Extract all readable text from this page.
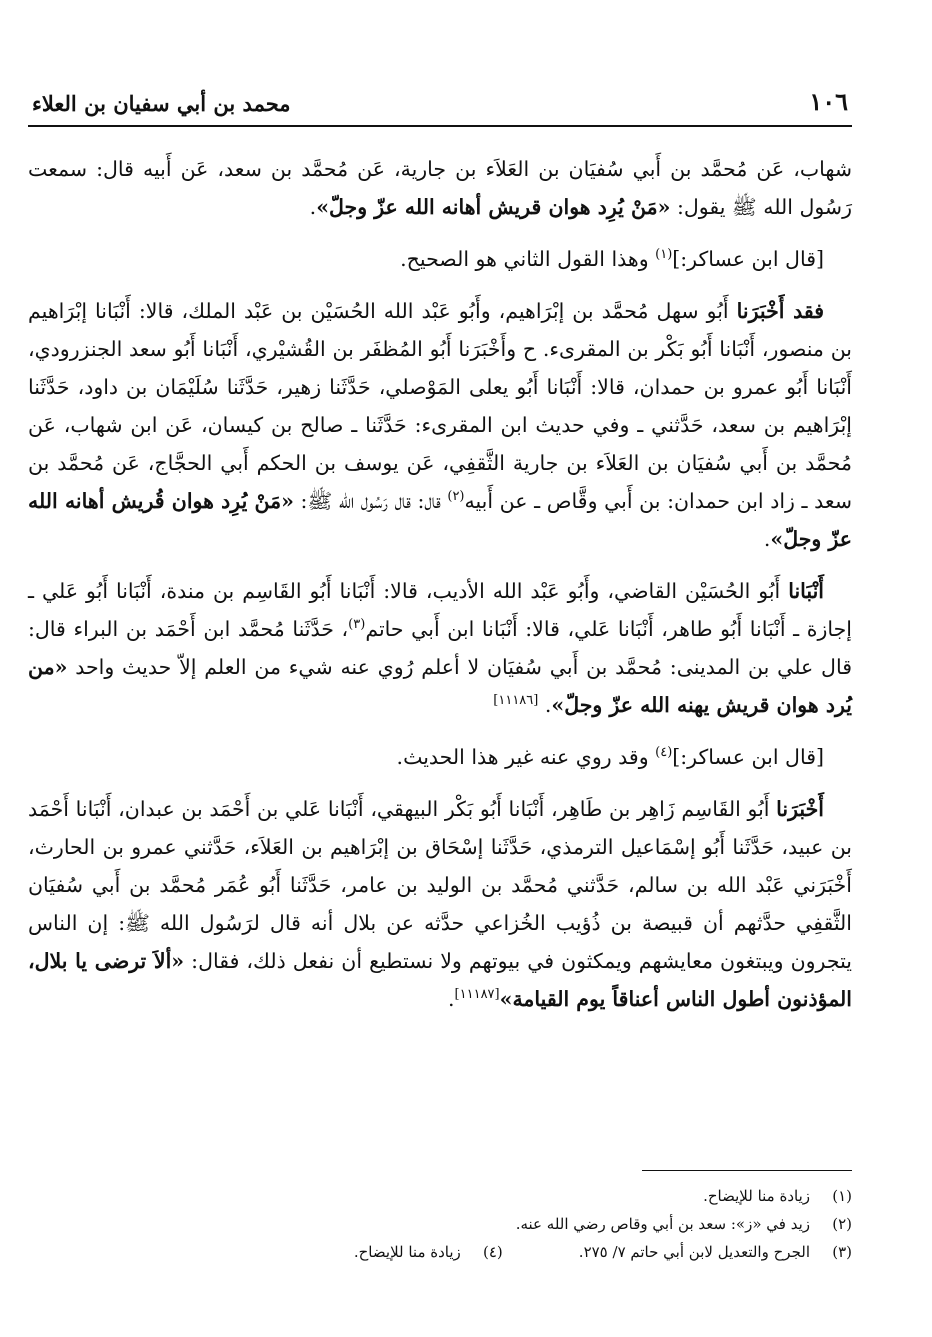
١٠٦
محمد بن أبي سفيان بن العلاء

شهاب، عَن مُحمَّد بن أَبي سُفيَان بن العَلاَء بن جارية، عَن مُحمَّد بن سعد، عَن أَبيه قال: سمعت رَسُول الله ﷺ يقول: «مَنْ يُرِد هوان قريش أهانه الله عزّ وجلّ».

[قال ابن عساكر:]$^{(١)}$ وهذا القول الثاني هو الصحيح.

فقد أَخْبَرَنا أَبُو سهل مُحمَّد بن إبْرَاهيم، وأَبُو عَبْد الله الحُسَيْن بن عَبْد الملك، قالا: أَنْبَانا إبْرَاهيم بن منصور، أَنْبَانا أَبُو بَكْر بن المقرىء. ح وأَخْبَرَنا أَبُو المُظفَر بن القُشيْري، أَنْبَانا أَبُو سعد الجنزرودي، أَنْبَانا أَبُو عمرو بن حمدان، قالا: أَنْبَانا أَبُو يعلى المَوْصلي، حَدَّثَنا زهير، حَدَّثَنا سُلَيْمَان بن داود، حَدَّثَنا إبْرَاهيم بن سعد، حَدَّثني ـ وفي حديث ابن المقرىء: حَدَّثَنا ـ صالح بن كيسان، عَن ابن شهاب، عَن مُحمَّد بن أَبي سُفيَان بن العَلاَء بن جارية الثَّقفِي، عَن يوسف بن الحكم أَبي الحجَّاج، عَن مُحمَّد بن سعد ـ زاد ابن حمدان: بن أَبي وقَّاص ـ عن أَبيه$^{(٢)}$ قال: قال رَسُول الله ﷺ: «مَنْ يُرِد هوان قُريش أهانه الله عزّ وجلّ».

أَنْبَانا أَبُو الحُسَيْن القاضي، وأَبُو عَبْد الله الأديب، قالا: أَنْبَانا أَبُو القَاسِم بن مندة، أَنْبَانا أَبُو عَلي ـ إجازة ـ أَنْبَانا أَبُو طاهر، أَنْبَانا عَلي، قالا: أَنْبَانا ابن أَبي حاتم$^{(٣)}$، حَدَّثَنا مُحمَّد ابن أَحْمَد بن البراء قال: قال علي بن المدينى: مُحمَّد بن أَبي سُفيَان لا أعلم رُوي عنه شيء من العلم إلاّ حديث واحد «من يُرد هوان قريش يهنه الله عزّ وجلّ». [١١١٨٦]

[قال ابن عساكر:]$^{(٤)}$ وقد روي عنه غير هذا الحديث.

أَخْبَرَنا أَبُو القَاسِم زَاهِر بن طَاهِر، أَنْبَانا أَبُو بَكْر البيهقي، أَنْبَانا عَلي بن أَحْمَد بن عبدان، أَنْبَانا أَحْمَد بن عبيد، حَدَّثَنا أَبُو إسْمَاعيل الترمذي، حَدَّثَنا إسْحَاق بن إبْرَاهيم بن العَلاَء، حَدَّثني عمرو بن الحارث، أَخْبَرَني عَبْد الله بن سالم، حَدَّثني مُحمَّد بن الوليد بن عامر، حَدَّثَنا أَبُو عُمَر مُحمَّد بن أَبي سُفيَان الثَّقفِي حدَّثهم أن قبيصة بن ذُؤيب الخُزاعي حدَّثه عن بلال أنه قال لرَسُول الله ﷺ: إن الناس يتجرون ويبتغون معايشهم ويمكثون في بيوتهم ولا نستطيع أن نفعل ذلك، فقال: «ألاَ ترضى يا بلال، المؤذنون أطول الناس أعناقاً يوم القيامة»[١١١٨٧].

(١)
زيادة منا للإيضاح.
(٢)
زيد في «ز»: سعد بن أبي وقاص رضي الله عنه.
(٣)
الجرح والتعديل لابن أبي حاتم ٧/ ٢٧٥.
(٤)
زيادة منا للإيضاح.
